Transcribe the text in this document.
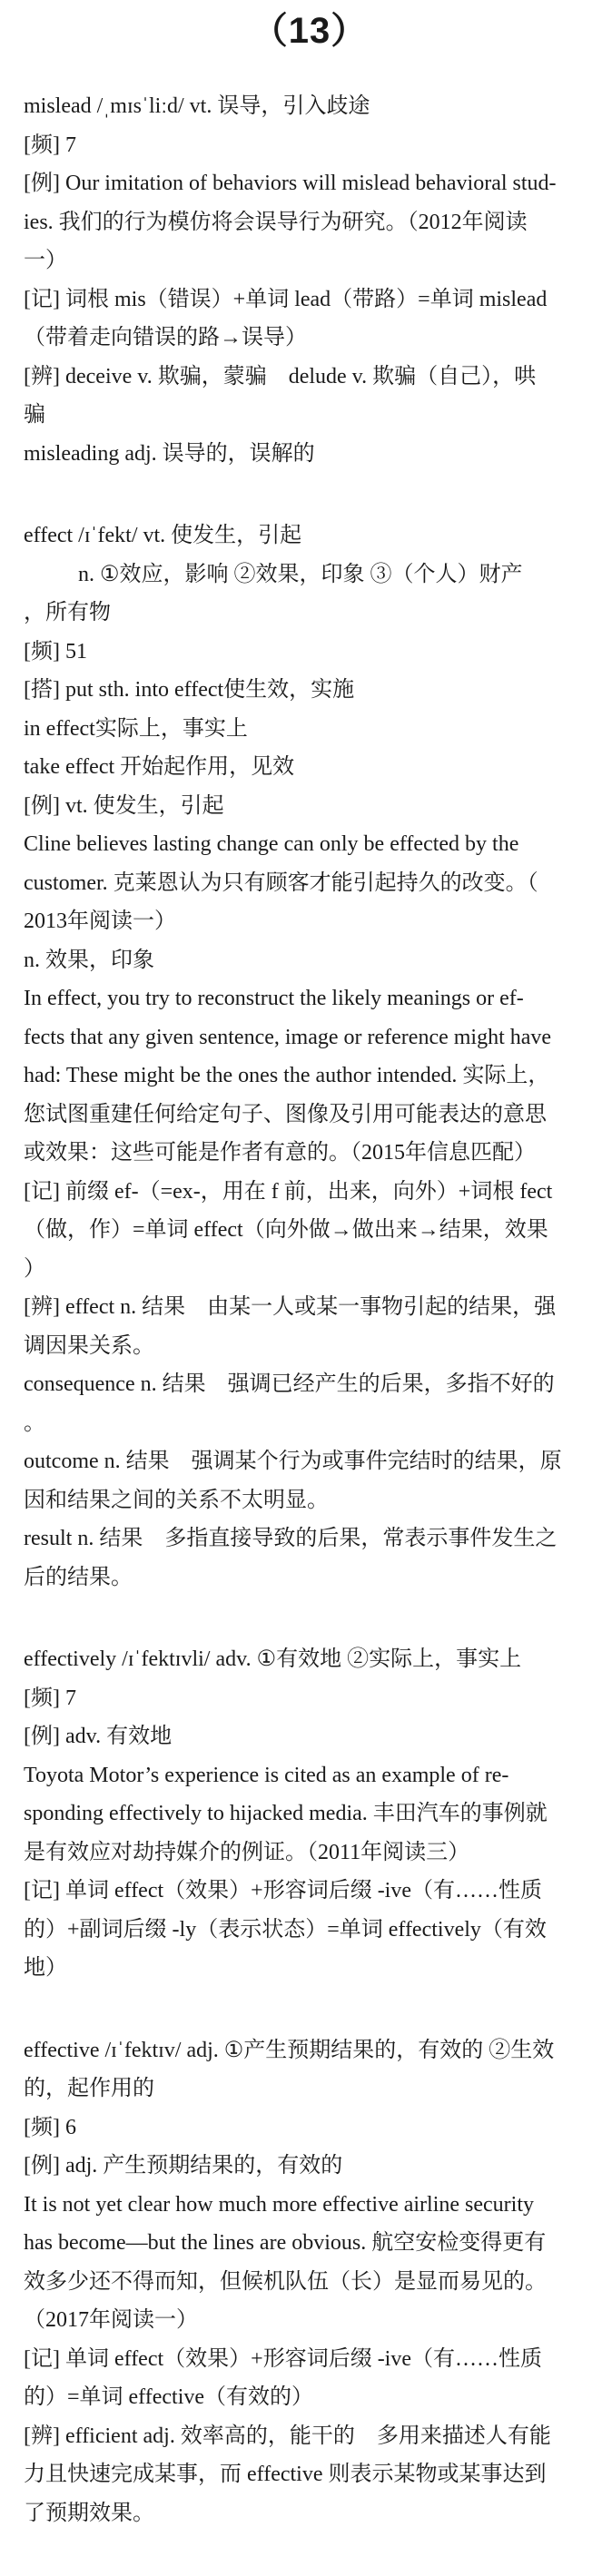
（13）

mislead /ˌmɪsˈliːd/ vt. 误导，引入歧途

[频] 7

[例] Our imitation of behaviors will mislead behavioral stud-

ies. 我们的行为模仿将会误导行为研究。（2012年阅读

一）

[记] 词根 mis（错误）+单词 lead（带路）=单词 mislead

（带着走向错误的路→误导）

[辨] deceive v. 欺骗，蒙骗　delude v. 欺骗（自己），哄

骗

misleading adj. 误导的，误解的

effect /ɪˈfekt/ vt. 使发生，引起

n. ①效应，影响 ②效果，印象 ③（个人）财产

，所有物

[频] 51

[搭] put sth. into effect使生效，实施

in effect实际上，事实上

take effect 开始起作用，见效

[例] vt. 使发生，引起

Cline believes lasting change can only be effected by the

customer. 克莱恩认为只有顾客才能引起持久的改变。（

2013年阅读一）

n. 效果，印象

In effect, you try to reconstruct the likely meanings or ef-

fects that any given sentence, image or reference might have

had: These might be the ones the author intended. 实际上，

您试图重建任何给定句子、图像及引用可能表达的意思

或效果：这些可能是作者有意的。（2015年信息匹配）

[记] 前缀 ef-（=ex-，用在 f 前，出来，向外）+词根 fect

（做，作）=单词 effect（向外做→做出来→结果，效果

）

[辨] effect n. 结果　由某一人或某一事物引起的结果，强

调因果关系。

consequence n. 结果　强调已经产生的后果，多指不好的

。

outcome n. 结果　强调某个行为或事件完结时的结果，原

因和结果之间的关系不太明显。

result n. 结果　多指直接导致的后果，常表示事件发生之

后的结果。

effectively /ɪˈfektɪvli/ adv. ①有效地 ②实际上，事实上

[频] 7

[例] adv. 有效地

Toyota Motor’s experience is cited as an example of re-

sponding effectively to hijacked media. 丰田汽车的事例就

是有效应对劫持媒介的例证。（2011年阅读三）

[记] 单词 effect（效果）+形容词后缀 -ive（有……性质

的）+副词后缀 -ly（表示状态）=单词 effectively（有效

地）

effective /ɪˈfektɪv/ adj. ①产生预期结果的，有效的 ②生效

的，起作用的

[频] 6

[例] adj. 产生预期结果的，有效的

It is not yet clear how much more effective airline security

has become—but the lines are obvious. 航空安检变得更有

效多少还不得而知，但候机队伍（长）是显而易见的。

（2017年阅读一）

[记] 单词 effect（效果）+形容词后缀 -ive（有……性质

的）=单词 effective（有效的）

[辨] efficient adj. 效率高的，能干的　多用来描述人有能

力且快速完成某事，而 effective 则表示某物或某事达到

了预期效果。
